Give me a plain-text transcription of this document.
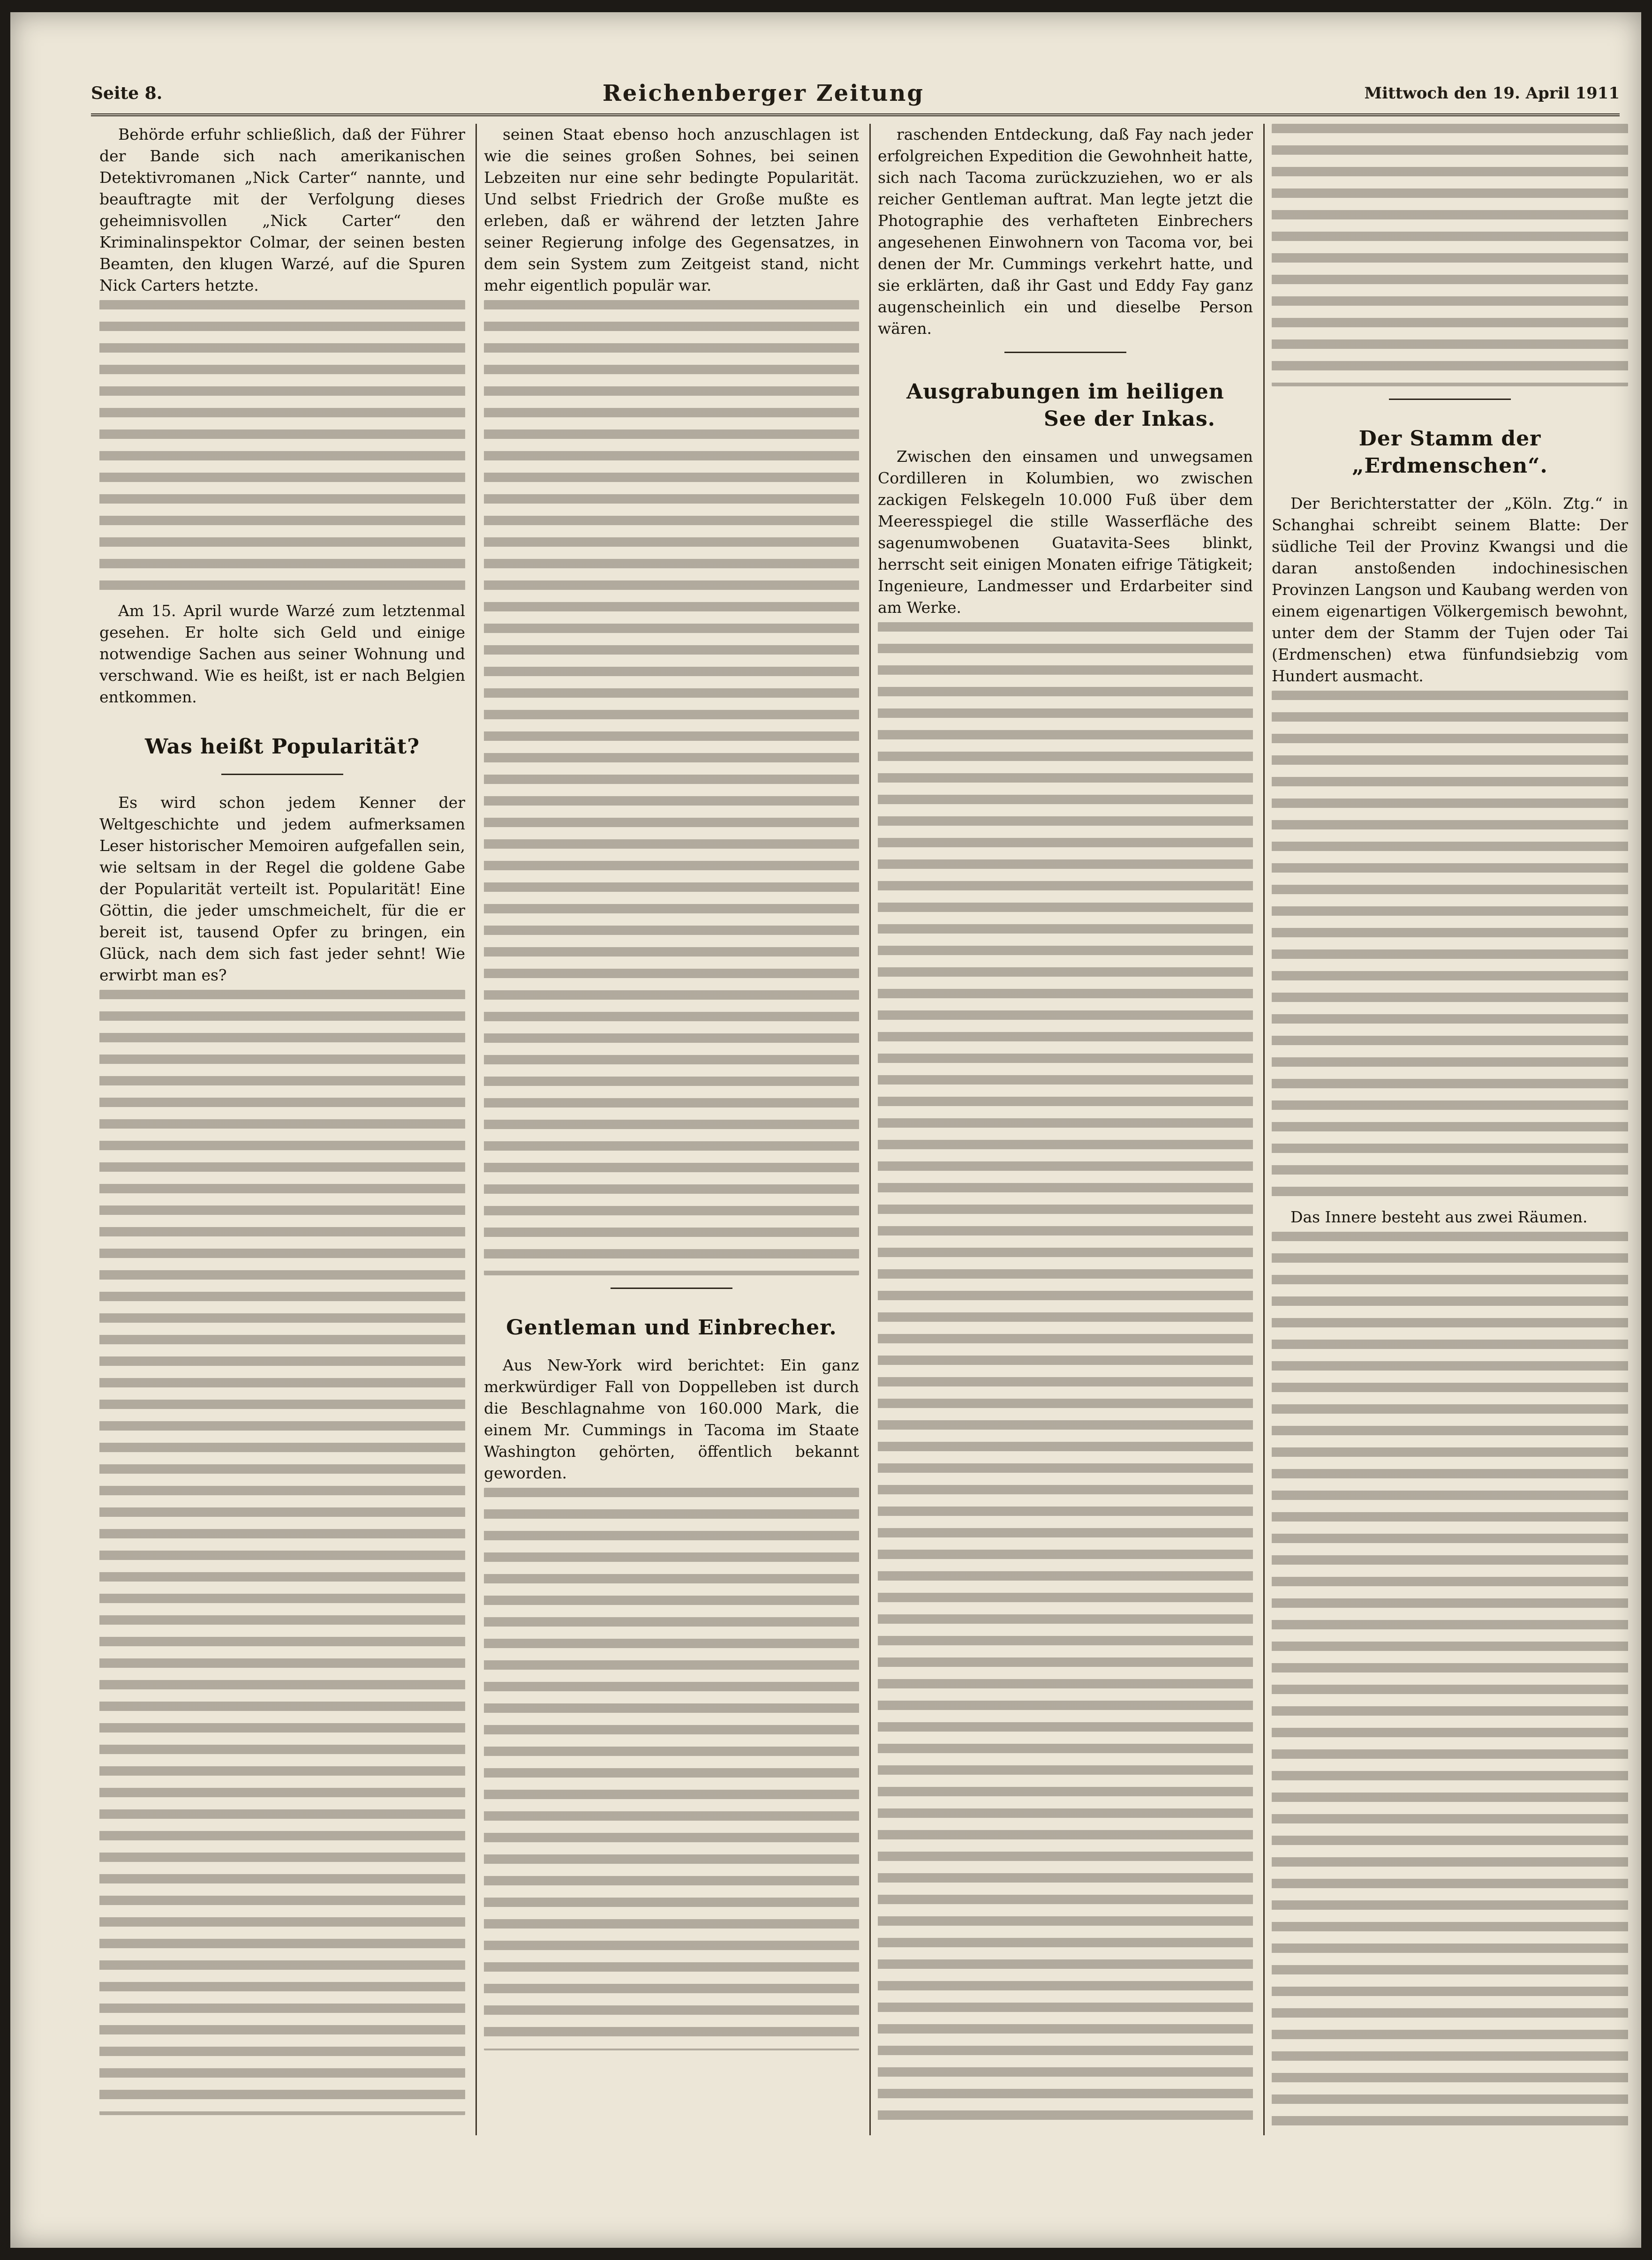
Seite 8.	Reichenberger Zeitung	Mittwoch den 19. April 1911

Behörde erfuhr schließlich, daß der Führer der Bande sich nach amerikanischen Detektivromanen „Nick Carter“ nannte, und beauftragte mit der Verfolgung dieses geheimnisvollen „Nick Carter“ den Kriminalinspektor Colmar, der seinen besten Beamten, den klugen Warzé, auf die Spuren Nick Carters hetzte.

Am 15. April wurde Warzé zum letztenmal gesehen. Er holte sich Geld und einige notwendige Sachen aus seiner Wohnung und verschwand. Wie es heißt, ist er nach Belgien entkommen.

Was heißt Popularität?

Es wird schon jedem Kenner der Weltgeschichte und jedem aufmerksamen Leser historischer Memoiren aufgefallen sein, wie seltsam in der Regel die goldene Gabe der Popularität verteilt ist. Popularität! Eine Göttin, die jeder umschmeichelt, für die er bereit ist, tausend Opfer zu bringen, ein Glück, nach dem sich fast jeder sehnt! Wie erwirbt man es?

seinen Staat ebenso hoch anzuschlagen ist wie die seines großen Sohnes, bei seinen Lebzeiten nur eine sehr bedingte Popularität. Und selbst Friedrich der Große mußte es erleben, daß er während der letzten Jahre seiner Regierung infolge des Gegensatzes, in dem sein System zum Zeitgeist stand, nicht mehr eigentlich populär war.

Gentleman und Einbrecher.

Aus New-York wird berichtet: Ein ganz merkwürdiger Fall von Doppelleben ist durch die Beschlagnahme von 160.000 Mark, die einem Mr. Cummings in Tacoma im Staate Washington gehörten, öffentlich bekannt geworden.

raschenden Entdeckung, daß Fay nach jeder erfolgreichen Expedition die Gewohnheit hatte, sich nach Tacoma zurückzuziehen, wo er als reicher Gentleman auftrat. Man legte jetzt die Photographie des verhafteten Einbrechers angesehenen Einwohnern von Tacoma vor, bei denen der Mr. Cummings verkehrt hatte, und sie erklärten, daß ihr Gast und Eddy Fay ganz augenscheinlich ein und dieselbe Person wären.

Ausgrabungen im heiligen
See der Inkas.

Zwischen den einsamen und unwegsamen Cordilleren in Kolumbien, wo zwischen zackigen Felskegeln 10.000 Fuß über dem Meeresspiegel die stille Wasserfläche des sagenumwobenen Guatavita-Sees blinkt, herrscht seit einigen Monaten eifrige Tätigkeit; Ingenieure, Landmesser und Erdarbeiter sind am Werke.

Der Stamm der „Erdmenschen“.

Der Berichterstatter der „Köln. Ztg.“ in Schanghai schreibt seinem Blatte: Der südliche Teil der Provinz Kwangsi und die daran anstoßenden indochinesischen Provinzen Langson und Kaubang werden von einem eigenartigen Völkergemisch bewohnt, unter dem der Stamm der Tujen oder Tai (Erdmenschen) etwa fünfundsiebzig vom Hundert ausmacht.

Das Innere besteht aus zwei Räumen.
